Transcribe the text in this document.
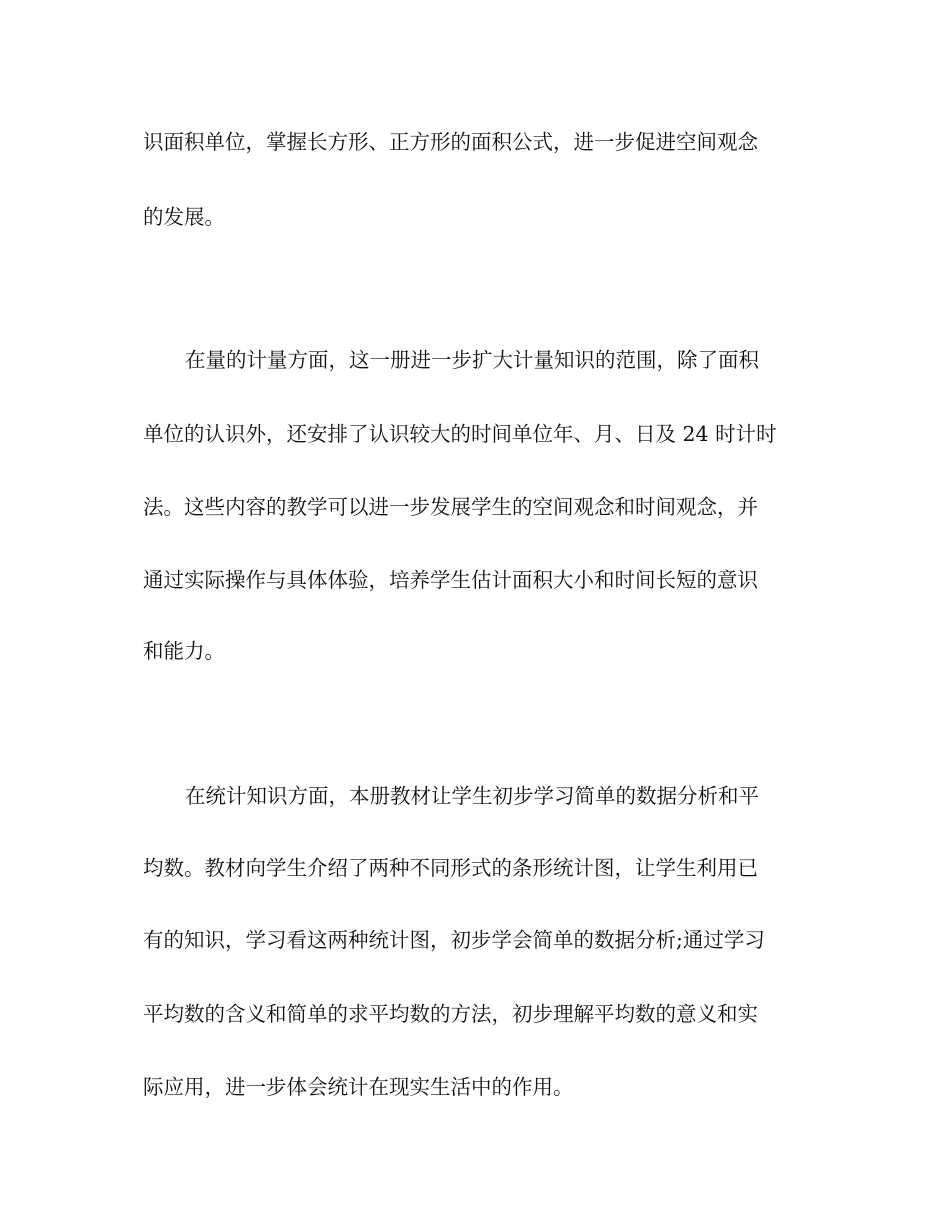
识面积单位，掌握长方形、正方形的面积公式，进一步促进空间观念
的发展。
在量的计量方面，这一册进一步扩大计量知识的范围，除了面积
单位的认识外，还安排了认识较大的时间单位年、月、日及 24 时计时
法。这些内容的教学可以进一步发展学生的空间观念和时间观念，并
通过实际操作与具体体验，培养学生估计面积大小和时间长短的意识
和能力。
在统计知识方面，本册教材让学生初步学习简单的数据分析和平
均数。教材向学生介绍了两种不同形式的条形统计图，让学生利用已
有的知识，学习看这两种统计图，初步学会简单的数据分析;通过学习
平均数的含义和简单的求平均数的方法，初步理解平均数的意义和实
际应用，进一步体会统计在现实生活中的作用。
